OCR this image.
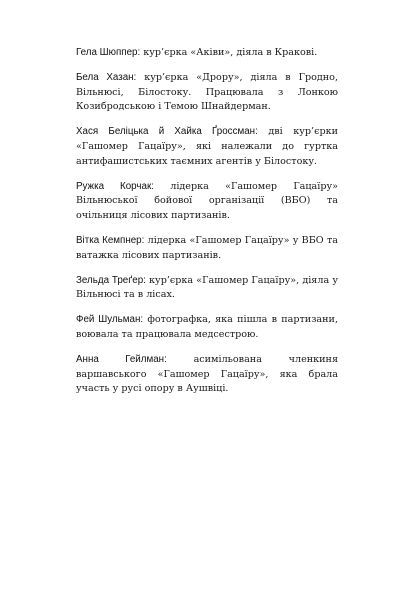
Гела Шюппер: кур’єрка «Аківи», діяла в Кракові.

Бела Хазан: кур’єрка «Дрору», діяла в Гродно, Вільнюсі, Білостоку. Працювала з Лонкою Козибродською і Темою Шнайдерман.

Хася Беліцька й Хайка Ґроссман: дві кур’єрки «Гашомер Гацаїру», які належали до гуртка антифашистських таємних агентів у Білостоку.

Ружка Корчак: лідерка «Гашомер Гацаїру» Вільнюської бойової організації (ВБО) та очільниця лісових партизанів.

Вітка Кемпнер: лідерка «Гашомер Гацаїру» у ВБО та ватажка лісових партизанів.

Зельда Треґер: кур’єрка «Гашомер Гацаїру», діяла у Вільнюсі та в лісах.

Фей Шульман: фотографка, яка пішла в партизани, воювала та працювала медсестрою.

Анна Гейлман: асимільована членкиня варшавського «Гашомер Гацаїру», яка брала участь у русі опору в Аушвіці.
